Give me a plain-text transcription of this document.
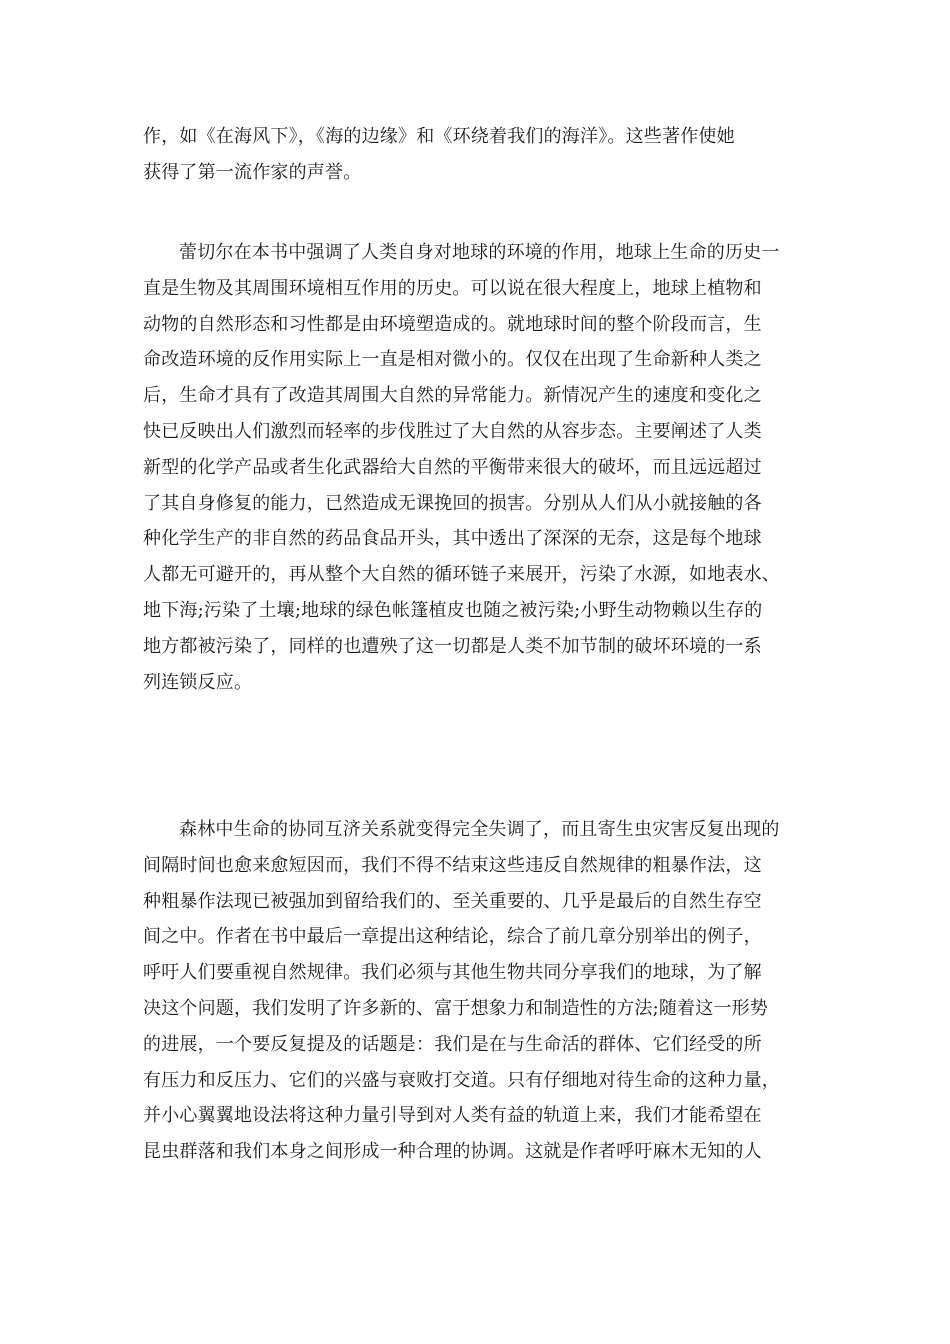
作，如《在海风下》，《海的边缘》和《环绕着我们的海洋》。这些著作使她
获得了第一流作家的声誉。
蕾切尔在本书中强调了人类自身对地球的环境的作用，地球上生命的历史一
直是生物及其周围环境相互作用的历史。可以说在很大程度上，地球上植物和
动物的自然形态和习性都是由环境塑造成的。就地球时间的整个阶段而言，生
命改造环境的反作用实际上一直是相对微小的。仅仅在出现了生命新种人类之
后，生命才具有了改造其周围大自然的异常能力。新情况产生的速度和变化之
快已反映出人们激烈而轻率的步伐胜过了大自然的从容步态。主要阐述了人类
新型的化学产品或者生化武器给大自然的平衡带来很大的破坏，而且远远超过
了其自身修复的能力，已然造成无课挽回的损害。分别从人们从小就接触的各
种化学生产的非自然的药品食品开头，其中透出了深深的无奈，这是每个地球
人都无可避开的，再从整个大自然的循环链子来展开，污染了水源，如地表水、
地下海;污染了土壤;地球的绿色帐篷植皮也随之被污染;小野生动物赖以生存的
地方都被污染了，同样的也遭殃了这一切都是人类不加节制的破坏环境的一系
列连锁反应。
森林中生命的协同互济关系就变得完全失调了，而且寄生虫灾害反复出现的
间隔时间也愈来愈短因而，我们不得不结束这些违反自然规律的粗暴作法，这
种粗暴作法现已被强加到留给我们的、至关重要的、几乎是最后的自然生存空
间之中。作者在书中最后一章提出这种结论，综合了前几章分别举出的例子，
呼吁人们要重视自然规律。我们必须与其他生物共同分享我们的地球，为了解
决这个问题，我们发明了许多新的、富于想象力和制造性的方法;随着这一形势
的进展，一个要反复提及的话题是：我们是在与生命活的群体、它们经受的所
有压力和反压力、它们的兴盛与衰败打交道。只有仔细地对待生命的这种力量，
并小心翼翼地设法将这种力量引导到对人类有益的轨道上来，我们才能希望在
昆虫群落和我们本身之间形成一种合理的协调。这就是作者呼吁麻木无知的人
